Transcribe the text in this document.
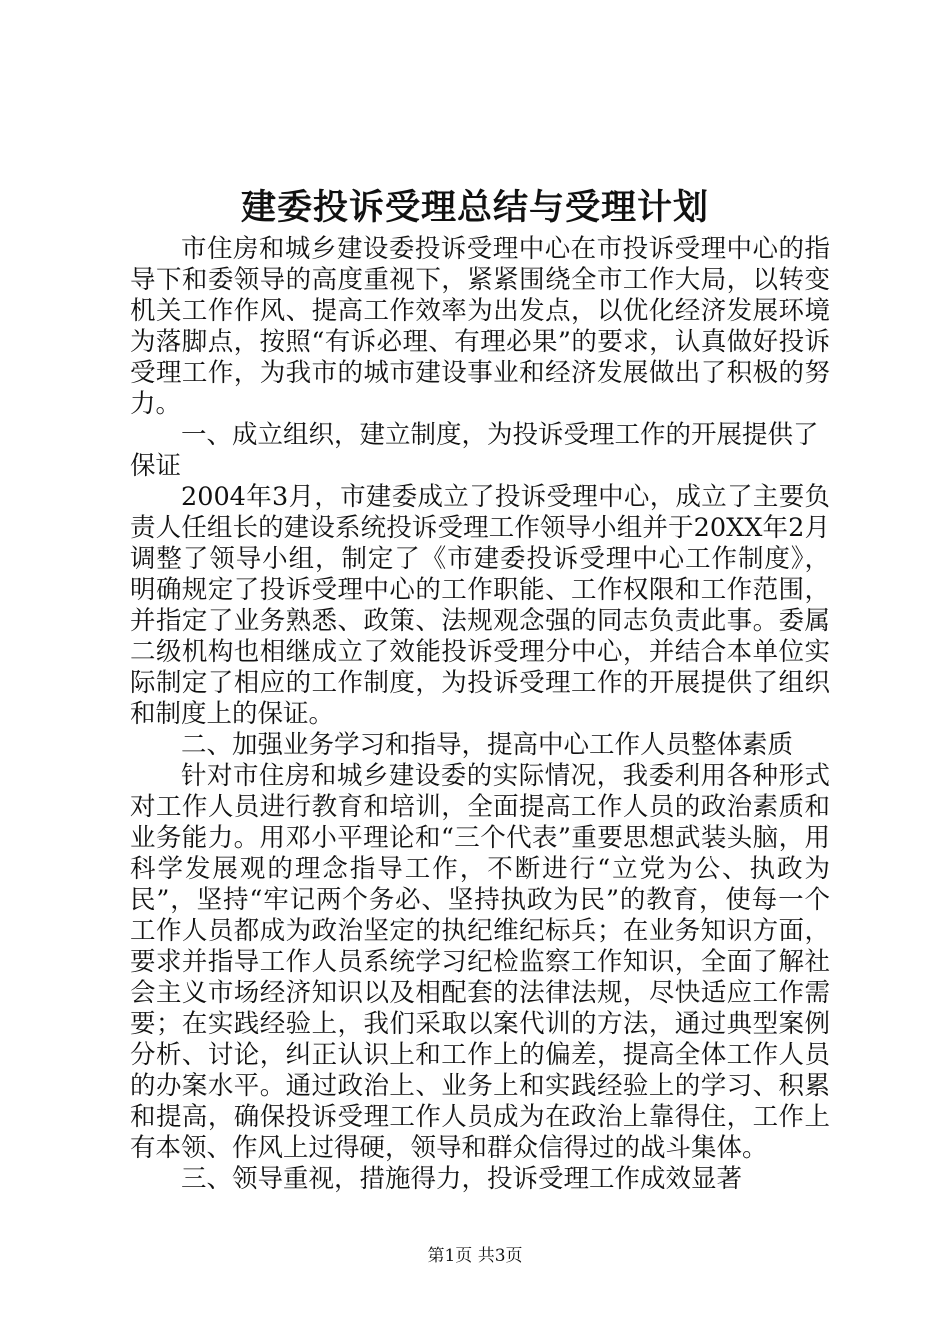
建委投诉受理总结与受理计划

市住房和城乡建设委投诉受理中心在市投诉受理中心的指导下和委领导的高度重视下，紧紧围绕全市工作大局，以转变机关工作作风、提高工作效率为出发点，以优化经济发展环境为落脚点，按照“有诉必理、有理必果”的要求，认真做好投诉受理工作，为我市的城市建设事业和经济发展做出了积极的努力。

一、成立组织，建立制度，为投诉受理工作的开展提供了保证

2004年3月，市建委成立了投诉受理中心，成立了主要负责人任组长的建设系统投诉受理工作领导小组并于20XX年2月调整了领导小组，制定了《市建委投诉受理中心工作制度》，明确规定了投诉受理中心的工作职能、工作权限和工作范围，并指定了业务熟悉、政策、法规观念强的同志负责此事。委属二级机构也相继成立了效能投诉受理分中心，并结合本单位实际制定了相应的工作制度，为投诉受理工作的开展提供了组织和制度上的保证。

二、加强业务学习和指导，提高中心工作人员整体素质

针对市住房和城乡建设委的实际情况，我委利用各种形式对工作人员进行教育和培训，全面提高工作人员的政治素质和业务能力。用邓小平理论和“三个代表”重要思想武装头脑，用科学发展观的理念指导工作，不断进行“立党为公、执政为民”，坚持“牢记两个务必、坚持执政为民”的教育，使每一个工作人员都成为政治坚定的执纪维纪标兵；在业务知识方面，要求并指导工作人员系统学习纪检监察工作知识，全面了解社会主义市场经济知识以及相配套的法律法规，尽快适应工作需要；在实践经验上，我们采取以案代训的方法，通过典型案例分析、讨论，纠正认识上和工作上的偏差，提高全体工作人员的办案水平。通过政治上、业务上和实践经验上的学习、积累和提高，确保投诉受理工作人员成为在政治上靠得住，工作上有本领、作风上过得硬，领导和群众信得过的战斗集体。

三、领导重视，措施得力，投诉受理工作成效显著

第1页 共3页
